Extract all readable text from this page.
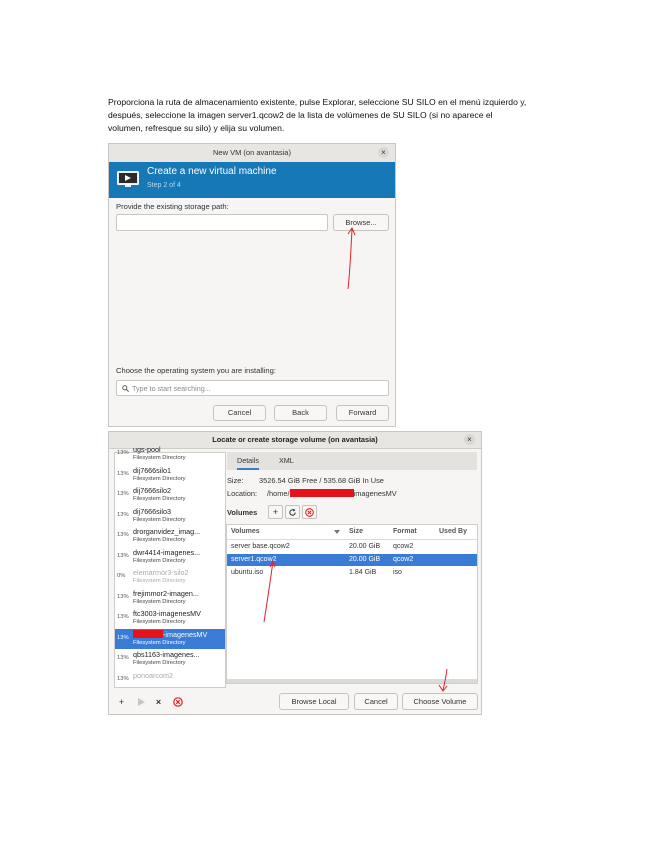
Proporciona la ruta de almacenamiento existente, pulse Explorar, seleccione SU SILO en el menú izquierdo y, después, seleccione la imagen server1.qcow2 de la lista de volúmenes de SU SILO (si no aparece el volumen, refresque su silo) y elija su volumen.

New VM (on avantasia)	×
Create a new virtual machine
Step 2 of 4
Provide the existing storage path:
Browse...
Choose the operating system you are installing:
Type to start searching...
Cancel	Back	Forward
Locate or create storage volume (on avantasia)	×
13% ugs-pool
Filesystem Directory
13% dij7666silo1
Filesystem Directory
13% dij7666silo2
Filesystem Directory
13% dij7666silo3
Filesystem Directory
13% drorganvidez_imag...
Filesystem Directory
13% dwr4414-imagenes...
Filesystem Directory
0% elemarmor3-silo2
Filesystem Directory
13% frejimmor2-imagen...
Filesystem Directory
13% ftc3003-imagenesMV
Filesystem Directory
13%	-imagenesMV
Filesystem Directory
13% qbs1163-imagenes...
Filesystem Directory
13% ponoarcom2
Details	XML
Size: 3526.54 GiB Free / 535.68 GiB In Use
Location: /home/	imagenesMV
Volumes	+
Volumes	Size	Format	Used By
server base.qcow2	20.00 GiB qcow2
server1.qcow2	20.00 GiB qcow2
ubuntu.iso	1.84 GiB iso
+	×	Browse Local	Cancel	Choose Volume
